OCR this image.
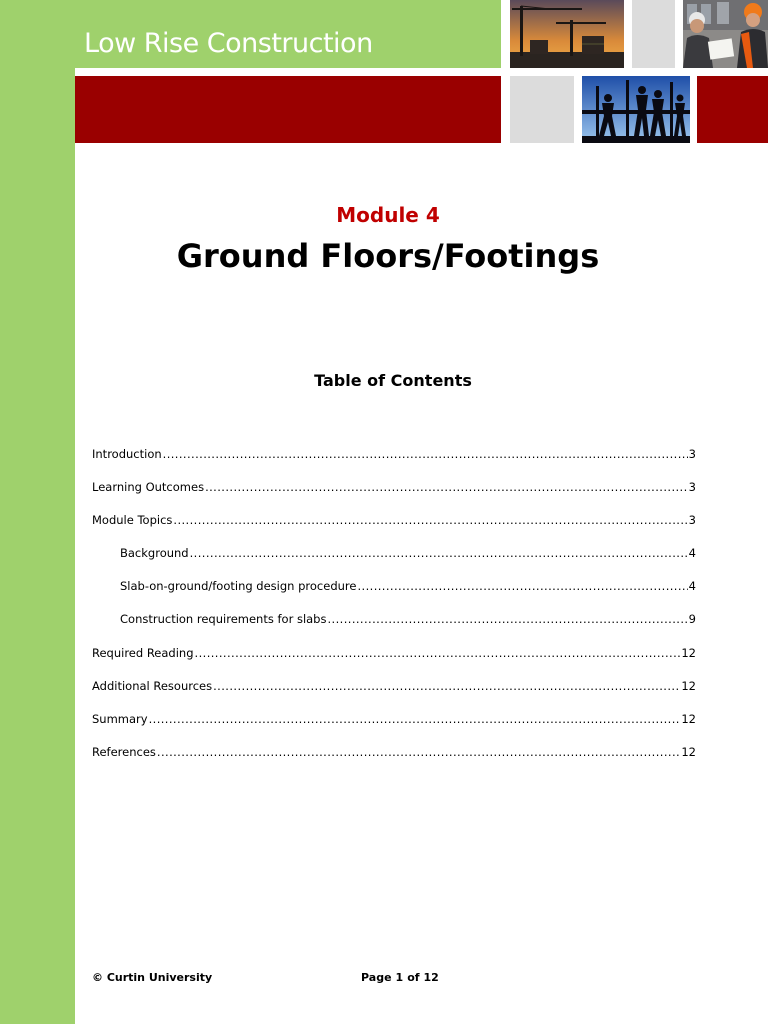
Low Rise Construction
Module 4
Ground Floors/Footings
Table of Contents
Introduction .....	3
Learning Outcomes .....	3
Module Topics .....	3
Background .....	4
Slab-on-ground/footing design procedure .....	4
Construction requirements for slabs .....	9
Required Reading .....	12
Additional Resources .....	12
Summary .....	12
References .....	12
© Curtin University	Page 1 of 12
